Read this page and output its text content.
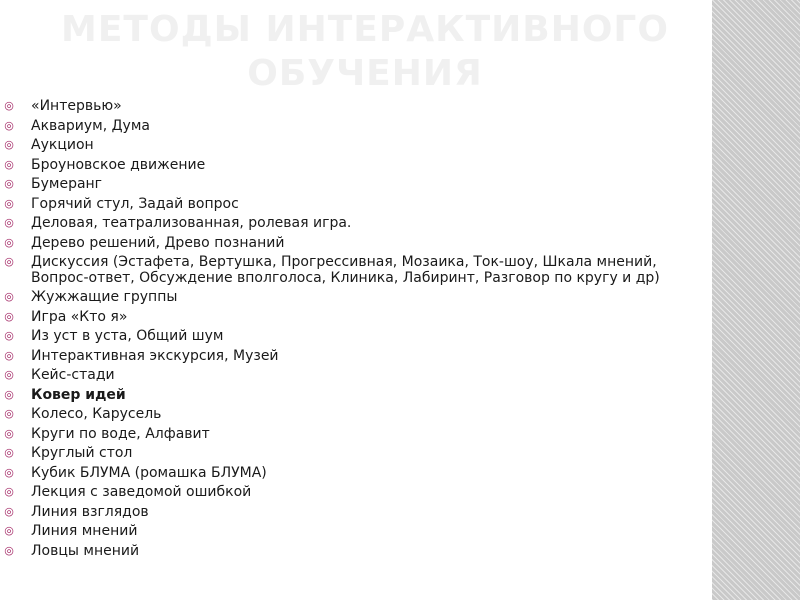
МЕТОДЫ ИНТЕРАКТИВНОГО ОБУЧЕНИЯ
◎ «Интервью»
◎ Аквариум, Дума
◎ Аукцион
◎ Броуновское движение
◎ Бумеранг
◎ Горячий стул, Задай вопрос
◎ Деловая, театрализованная, ролевая игра.
◎ Дерево решений, Древо познаний
◎ Дискуссия (Эстафета, Вертушка, Прогрессивная, Мозаика, Ток-шоу, Шкала мнений, Вопрос-ответ, Обсуждение вполголоса, Клиника, Лабиринт, Разговор по кругу и др)
◎ Жужжащие группы
◎ Игра «Кто я»
◎ Из уст в уста, Общий шум
◎ Интерактивная экскурсия, Музей
◎ Кейс-стади
◎ Ковер идей
◎ Колесо, Карусель
◎ Круги по воде, Алфавит
◎ Круглый стол
◎ Кубик БЛУМА (ромашка БЛУМА)
◎ Лекция с заведомой ошибкой
◎ Линия взглядов
◎ Линия мнений
◎ Ловцы мнений
